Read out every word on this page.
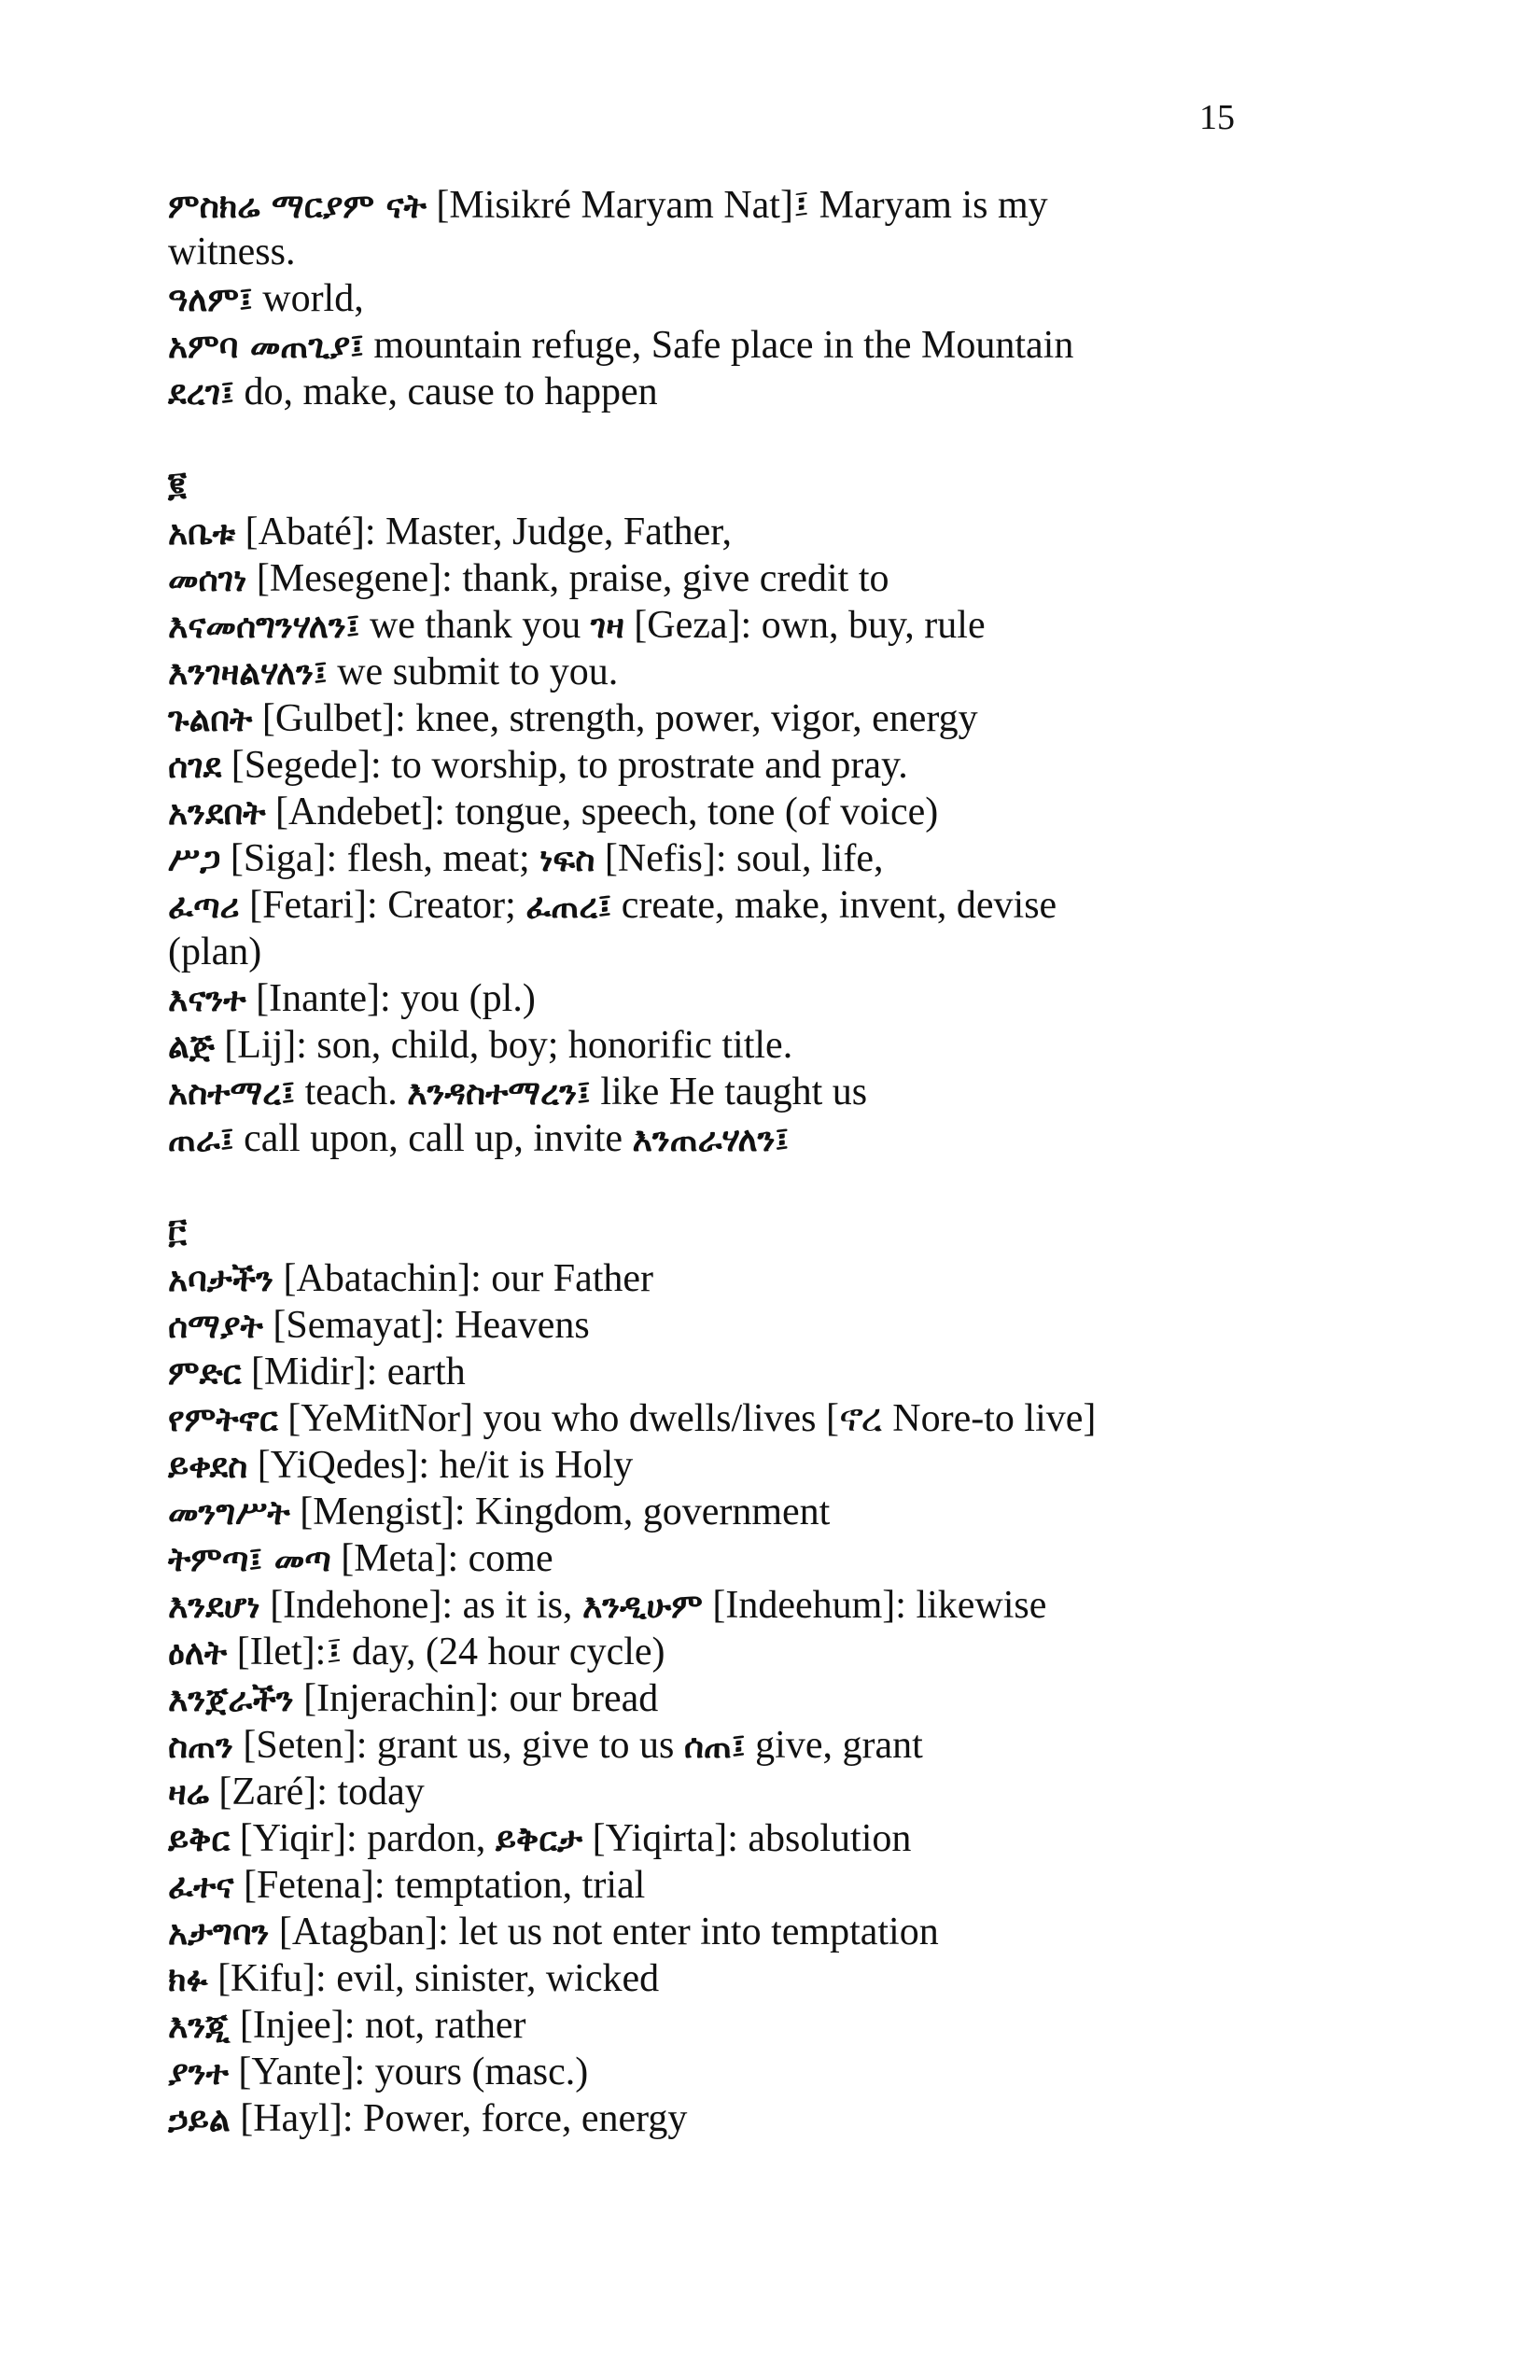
15
ምስክሬ ማርያም ናት [Misikré Maryam Nat]፤ Maryam is my
witness.
ዓለም፤ world,
አምባ መጠጊያ፤ mountain refuge, Safe place in the Mountain
ደረገ፤ do, make, cause to happen
፪
አቤቱ [Abaté]: Master, Judge, Father,
መሰገነ [Mesegene]: thank, praise, give credit to
እናመሰግንሃለን፤ we thank you ገዛ [Geza]: own, buy, rule
እንገዛልሃለን፤ we submit to you.
ጉልበት [Gulbet]: knee, strength, power, vigor, energy
ሰገደ [Segede]: to worship, to prostrate and pray.
አንደበት [Andebet]: tongue, speech, tone (of voice)
ሥጋ [Siga]: flesh, meat; ነፍስ [Nefis]: soul, life,
ፈጣሪ [Fetari]: Creator; ፈጠረ፤ create, make, invent, devise
(plan)
እናንተ [Inante]: you (pl.)
ልጅ [Lij]: son, child, boy; honorific title.
አስተማረ፤ teach. እንዳስተማረን፤ like He taught us
ጠራ፤ call upon, call up, invite እንጠራሃለን፤
፫
አባታችን [Abatachin]: our Father
ሰማያት [Semayat]: Heavens
ምድር [Midir]: earth
የምትኖር [YeMitNor] you who dwells/lives [ኖረ Nore-to live]
ይቀደስ [YiQedes]: he/it is Holy
መንግሥት [Mengist]: Kingdom, government
ትምጣ፤ መጣ [Meta]: come
እንደሆነ [Indehone]: as it is, እንዲሁም [Indeehum]: likewise
ዕለት [Ilet]:፤ day, (24 hour cycle)
እንጀራችን [Injerachin]: our bread
ስጠን [Seten]: grant us, give to us ሰጠ፤ give, grant
ዛሬ [Zaré]: today
ይቅር [Yiqir]: pardon, ይቅርታ [Yiqirta]: absolution
ፈተና [Fetena]: temptation, trial
አታግባን [Atagban]: let us not enter into temptation
ክፉ [Kifu]: evil, sinister, wicked
እንጂ [Injee]: not, rather
ያንተ [Yante]: yours (masc.)
ኃይል [Hayl]: Power, force, energy
